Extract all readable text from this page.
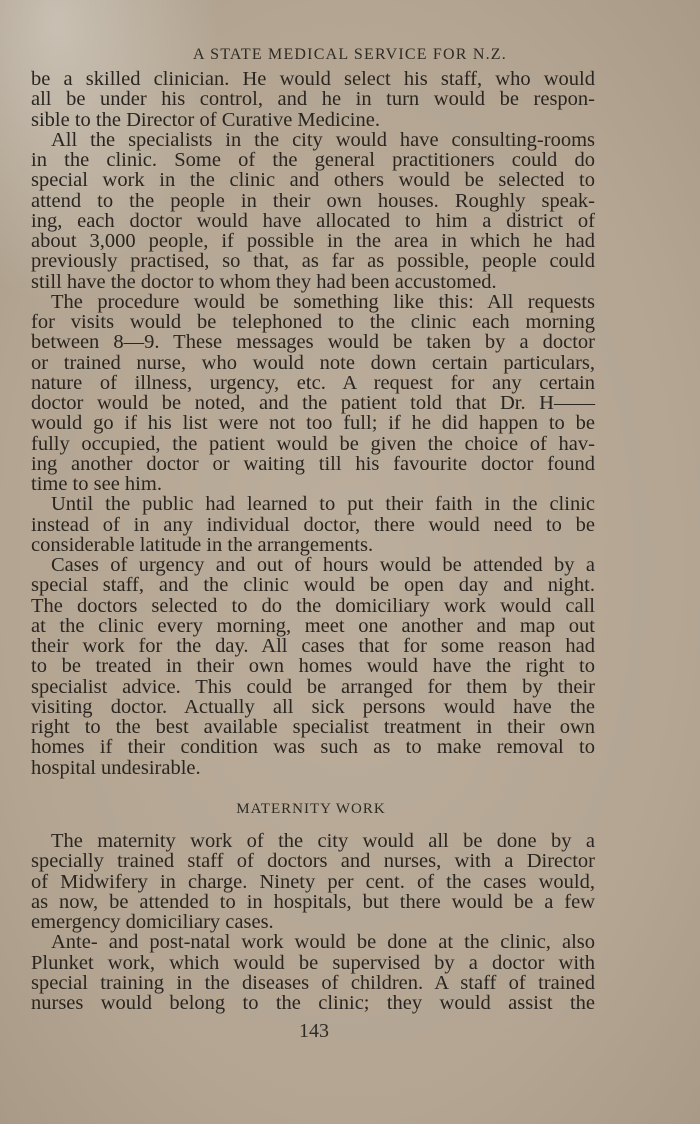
A STATE MEDICAL SERVICE FOR N.Z.
be a skilled clinician. He would select his staff, who would
all be under his control, and he in turn would be respon-
sible to the Director of Curative Medicine.
All the specialists in the city would have consulting-rooms
in the clinic. Some of the general practitioners could do
special work in the clinic and others would be selected to
attend to the people in their own houses. Roughly speak-
ing, each doctor would have allocated to him a district of
about 3,000 people, if possible in the area in which he had
previously practised, so that, as far as possible, people could
still have the doctor to whom they had been accustomed.
The procedure would be something like this: All requests
for visits would be telephoned to the clinic each morning
between 8—9. These messages would be taken by a doctor
or trained nurse, who would note down certain particulars,
nature of illness, urgency, etc. A request for any certain
doctor would be noted, and the patient told that Dr. H——
would go if his list were not too full; if he did happen to be
fully occupied, the patient would be given the choice of hav-
ing another doctor or waiting till his favourite doctor found
time to see him.
Until the public had learned to put their faith in the clinic
instead of in any individual doctor, there would need to be
considerable latitude in the arrangements.
Cases of urgency and out of hours would be attended by a
special staff, and the clinic would be open day and night.
The doctors selected to do the domiciliary work would call
at the clinic every morning, meet one another and map out
their work for the day. All cases that for some reason had
to be treated in their own homes would have the right to
specialist advice. This could be arranged for them by their
visiting doctor. Actually all sick persons would have the
right to the best available specialist treatment in their own
homes if their condition was such as to make removal to
hospital undesirable.
MATERNITY WORK
The maternity work of the city would all be done by a
specially trained staff of doctors and nurses, with a Director
of Midwifery in charge. Ninety per cent. of the cases would,
as now, be attended to in hospitals, but there would be a few
emergency domiciliary cases.
Ante- and post-natal work would be done at the clinic, also
Plunket work, which would be supervised by a doctor with
special training in the diseases of children. A staff of trained
nurses would belong to the clinic; they would assist the
143
